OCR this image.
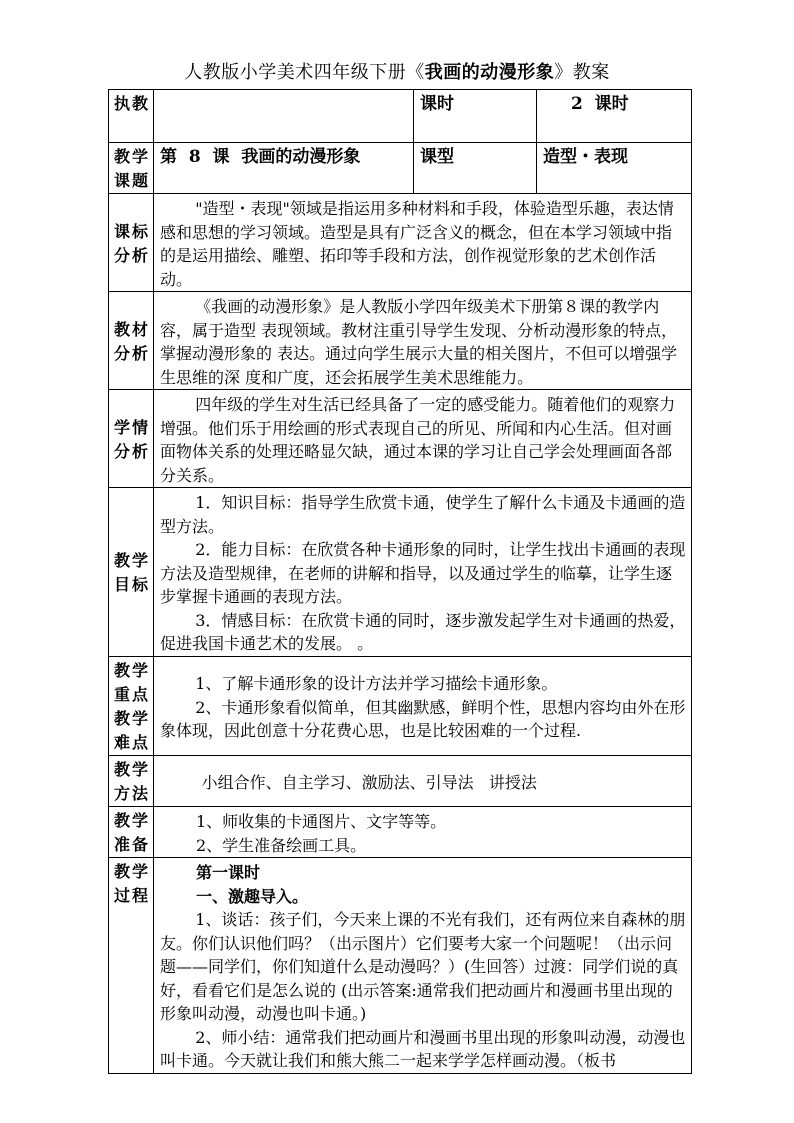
人教版小学美术四年级下册《我画的动漫形象》教案
执教		课时	2  课时
教学课题	第  8  课  我画的动漫形象	课型	造型・表现
课标分析	"造型・表现"领域是指运用多种材料和手段，体验造型乐趣，表达情感和思想的学习领域。造型是具有广泛含义的概念，但在本学习领域中指的是运用描绘、雕塑、拓印等手段和方法，创作视觉形象的艺术创作活动。		

教材分析	《我画的动漫形象》是人教版小学四年级美术下册第８课的教学内容，属于造型 表现领域。教材注重引导学生发现、分析动漫形象的特点，掌握动漫形象的 表达。通过向学生展示大量的相关图片，不但可以增强学生思维的深 度和广度，还会拓展学生美术思维能力。		

学情分析	四年级的学生对生活已经具备了一定的感受能力。随着他们的观察力增强。他们乐于用绘画的形式表现自己的所见、所闻和内心生活。但对画面物体关系的处理还略显欠缺，通过本课的学习让自己学会处理画面各部分关系。		

教学目标	1．知识目标：指导学生欣赏卡通，使学生了解什么卡通及卡通画的造型方法。

2．能力目标：在欣赏各种卡通形象的同时，让学生找出卡通画的表现方法及造型规律，在老师的讲解和指导，以及通过学生的临摹，让学生逐步掌握卡通画的表现方法。

3．情感目标：在欣赏卡通的同时，逐步激发起学生对卡通画的热爱，促进我国卡通艺术的发展。 。		

教学重点教学难点	1、了解卡通形象的设计方法并学习描绘卡通形象。

2、卡通形象看似简单，但其幽默感，鲜明个性，思想内容均由外在形象体现，因此创意十分花费心思，也是比较困难的一个过程.		

教学方法	小组合作、自主学习、激励法、引导法   讲授法		

教学准备	1、师收集的卡通图片、文字等等。

2、学生准备绘画工具。		

教学过程	第一课时

一、激趣导入。

1、谈话：孩子们，今天来上课的不光有我们，还有两位来自森林的朋友。你们认识他们吗？（出示图片）它们要考大家一个问题呢！（出示问题——同学们，你们知道什么是动漫吗？）(生回答）过渡：同学们说的真好，看看它们是怎么说的 (出示答案:通常我们把动画片和漫画书里出现的形象叫动漫，动漫也叫卡通。)

2、师小结：通常我们把动画片和漫画书里出现的形象叫动漫，动漫也叫卡通。今天就让我们和熊大熊二一起来学学怎样画动漫。（板书		
